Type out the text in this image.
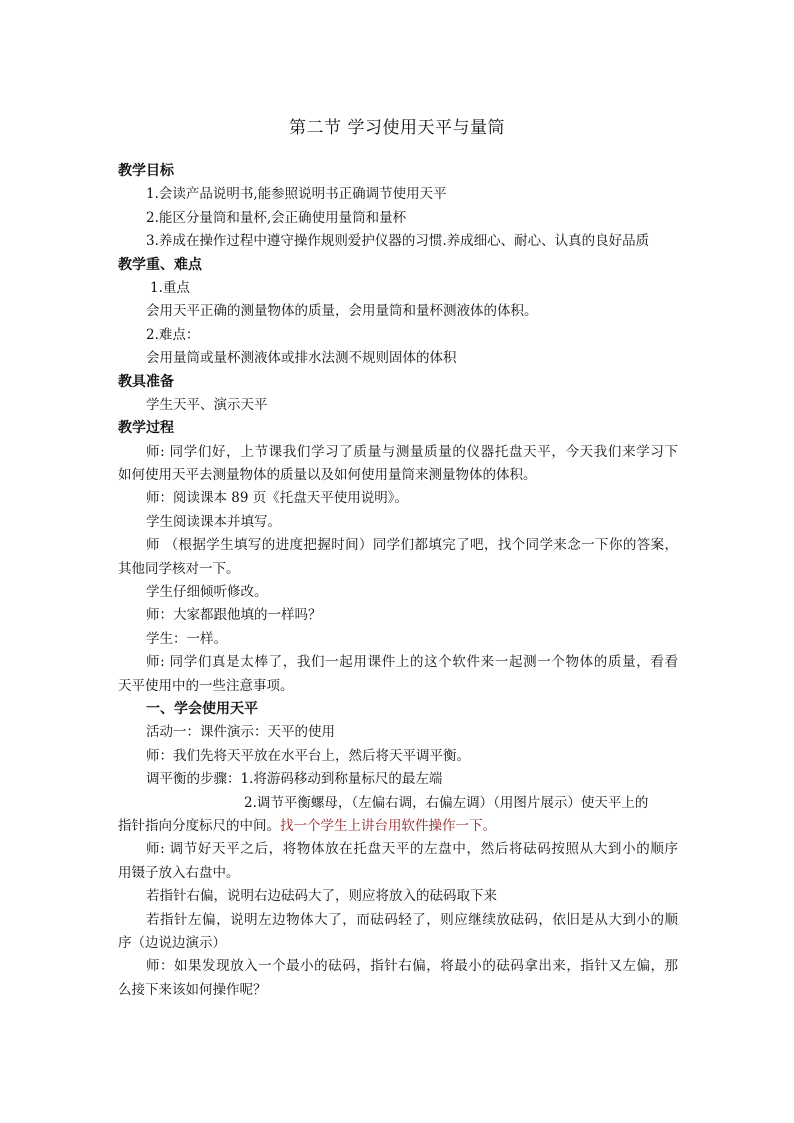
第二节 学习使用天平与量筒
教学目标
1.会读产品说明书,能参照说明书正确调节使用天平
2.能区分量筒和量杯,会正确使用量筒和量杯
3.养成在操作过程中遵守操作规则爱护仪器的习惯.养成细心、耐心、认真的良好品质
教学重、难点
1.重点
会用天平正确的测量物体的质量，会用量筒和量杯测液体的体积。
2.难点：
会用量筒或量杯测液体或排水法测不规则固体的体积
教具准备
学生天平、演示天平
教学过程
师: 同学们好，上节课我们学习了质量与测量质量的仪器托盘天平，今天我们来学习下
如何使用天平去测量物体的质量以及如何使用量筒来测量物体的体积。
师：阅读课本 89 页《托盘天平使用说明》。
学生阅读课本并填写。
师 （根据学生填写的进度把握时间）同学们都填完了吧，找个同学来念一下你的答案，
其他同学核对一下。
学生仔细倾听修改。
师：大家都跟他填的一样吗？
学生：一样。
师: 同学们真是太棒了，我们一起用课件上的这个软件来一起测一个物体的质量，看看
天平使用中的一些注意事项。
一、学会使用天平
活动一：课件演示：天平的使用
师：我们先将天平放在水平台上，然后将天平调平衡。
调平衡的步骤：1.将游码移动到称量标尺的最左端
2.调节平衡螺母，（左偏右调，右偏左调）（用图片展示）使天平上的
指针指向分度标尺的中间。找一个学生上讲台用软件操作一下。
师: 调节好天平之后，将物体放在托盘天平的左盘中，然后将砝码按照从大到小的顺序
用镊子放入右盘中。
若指针右偏，说明右边砝码大了，则应将放入的砝码取下来
若指针左偏，说明左边物体大了，而砝码轻了，则应继续放砝码，依旧是从大到小的顺
序（边说边演示）
师：如果发现放入一个最小的砝码，指针右偏，将最小的砝码拿出来，指针又左偏，那
么接下来该如何操作呢？
